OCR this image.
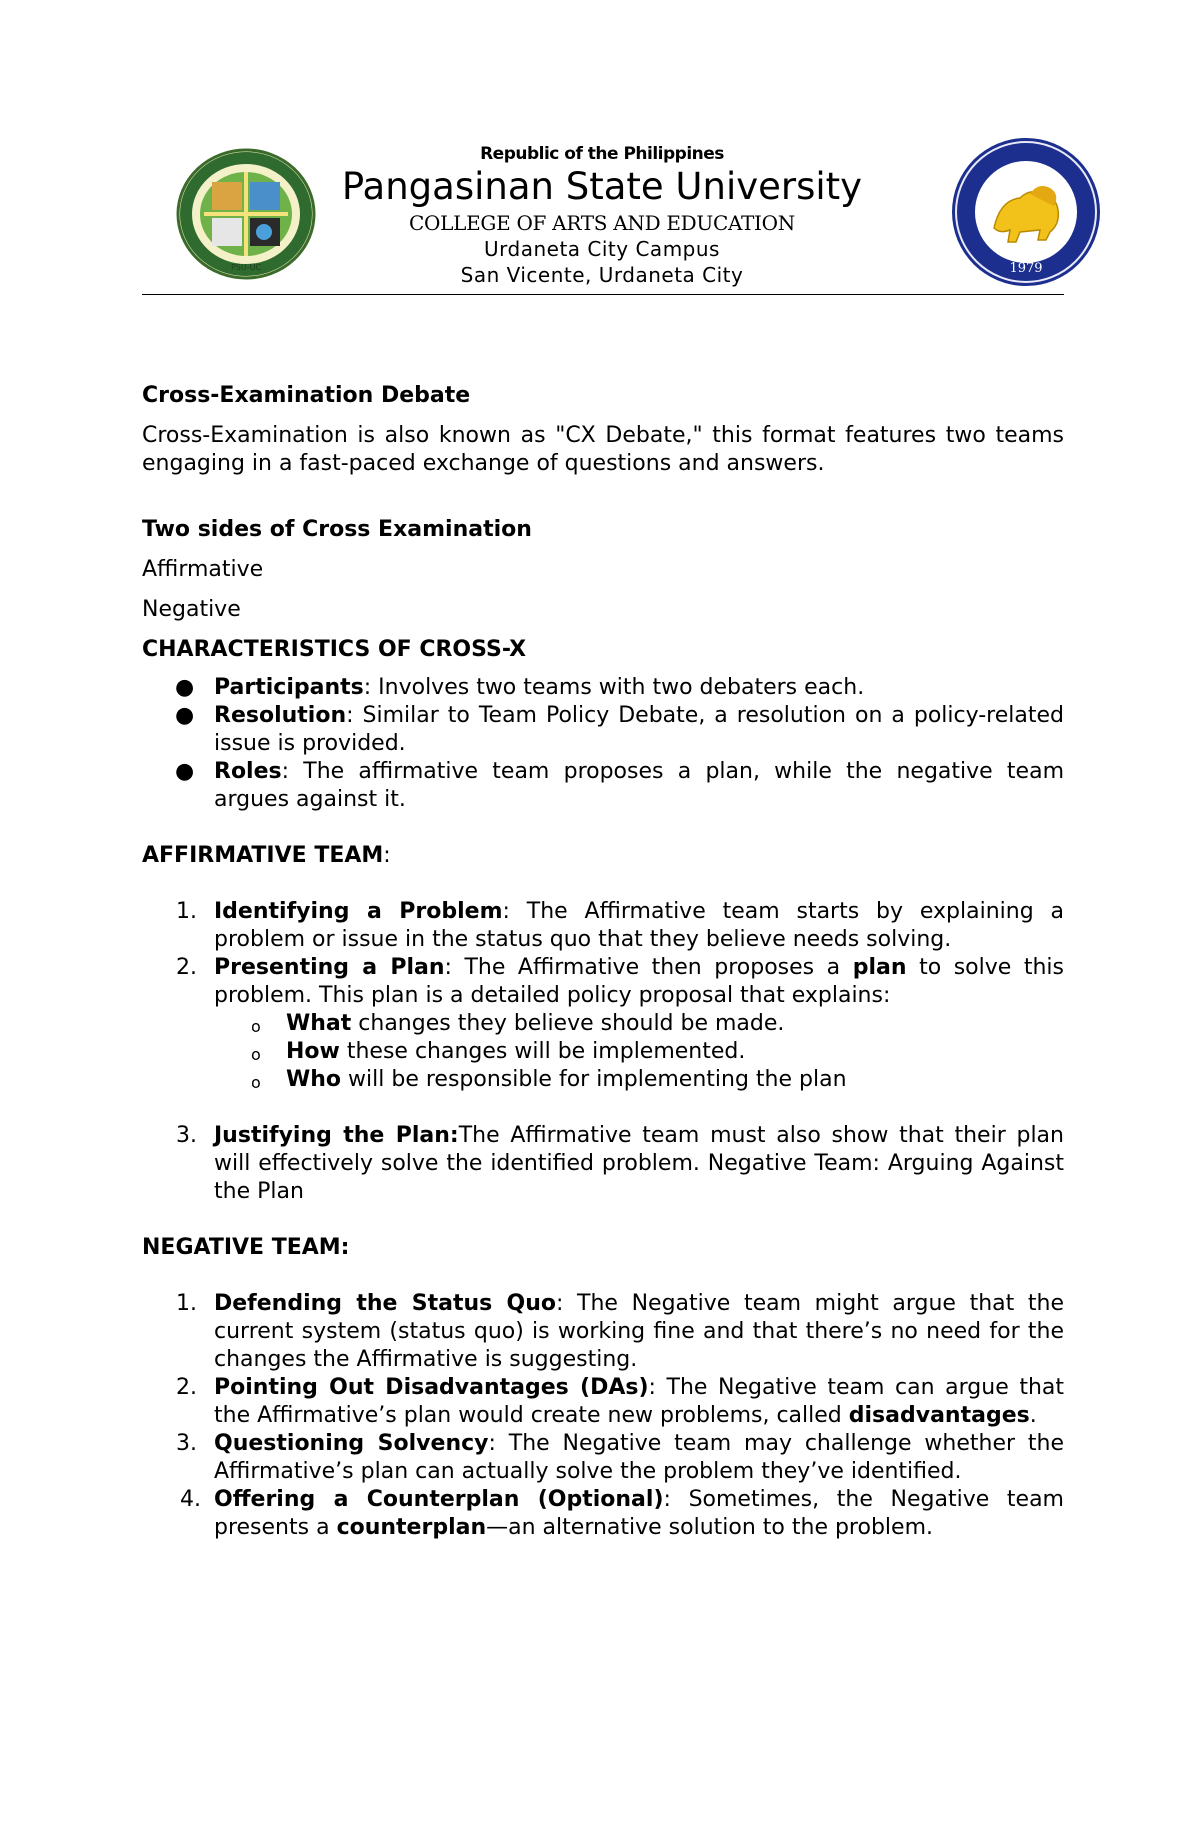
PSU-UC
Republic of the Philippines
Pangasinan State University
COLLEGE OF ARTS AND EDUCATION
Urdaneta City Campus
San Vicente, Urdaneta City	1979

Cross-Examination Debate

Cross-Examination is also known as "CX Debate," this format features two teams engaging in a fast-paced exchange of questions and answers.

Two sides of Cross Examination

Affirmative

Negative

CHARACTERISTICS OF CROSS-X

● Participants: Involves two teams with two debaters each.
● Resolution: Similar to Team Policy Debate, a resolution on a policy-related issue is provided.
● Roles: The affirmative team proposes a plan, while the negative team argues against it.

AFFIRMATIVE TEAM:

1. Identifying a Problem: The Affirmative team starts by explaining a problem or issue in the status quo that they believe needs solving.
2. Presenting a Plan: The Affirmative then proposes a plan to solve this problem. This plan is a detailed policy proposal that explains:
o What changes they believe should be made.
o How these changes will be implemented.
o Who will be responsible for implementing the plan
3. Justifying the Plan:The Affirmative team must also show that their plan will effectively solve the identified problem. Negative Team: Arguing Against the Plan

NEGATIVE TEAM:

1. Defending the Status Quo: The Negative team might argue that the current system (status quo) is working fine and that there’s no need for the changes the Affirmative is suggesting.
2. Pointing Out Disadvantages (DAs): The Negative team can argue that the Affirmative’s plan would create new problems, called disadvantages.
3. Questioning Solvency: The Negative team may challenge whether the Affirmative’s plan can actually solve the problem they’ve identified.
4. Offering a Counterplan (Optional): Sometimes, the Negative team presents a counterplan—an alternative solution to the problem.
